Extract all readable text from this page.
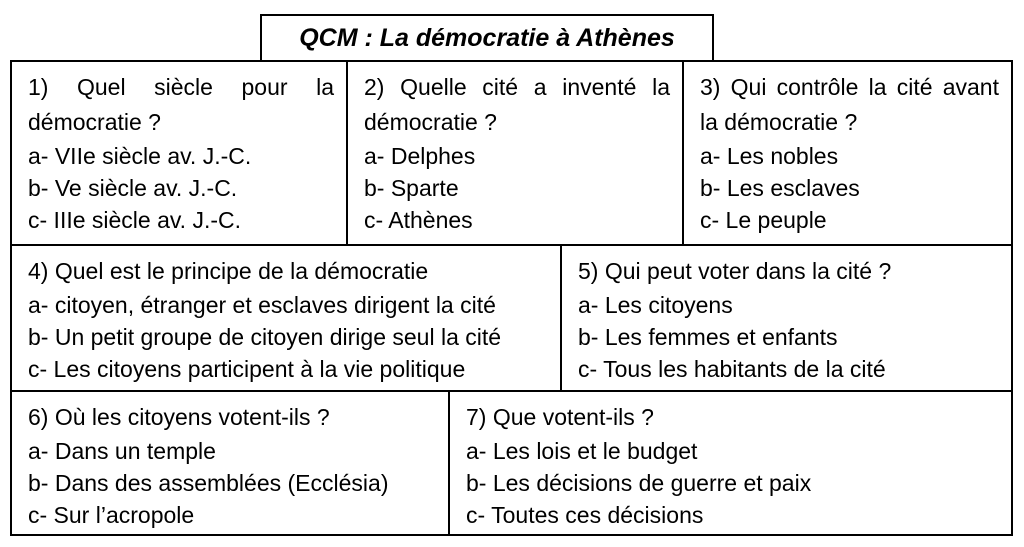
QCM : La démocratie à Athènes
1) Quel siècle pour la démocratie ?
a- VIIe siècle av. J.-C.
b- Ve siècle av. J.-C.
c- IIIe siècle av. J.-C.
2) Quelle cité a inventé la démocratie ?
a- Delphes
b- Sparte
c- Athènes
3) Qui contrôle la cité avant la démocratie ?
a- Les nobles
b- Les esclaves
c- Le peuple
4) Quel est le principe de la démocratie
a- citoyen, étranger et esclaves dirigent la cité
b- Un petit groupe de citoyen dirige seul la cité
c- Les citoyens participent à la vie politique
5) Qui peut voter dans la cité ?
a- Les citoyens
b- Les femmes et enfants
c- Tous les habitants de la cité
6) Où les citoyens votent-ils ?
a- Dans un temple
b- Dans des assemblées (Ecclésia)
c- Sur l’acropole
7) Que votent-ils ?
a- Les lois et le budget
b- Les décisions de guerre et paix
c- Toutes ces décisions
